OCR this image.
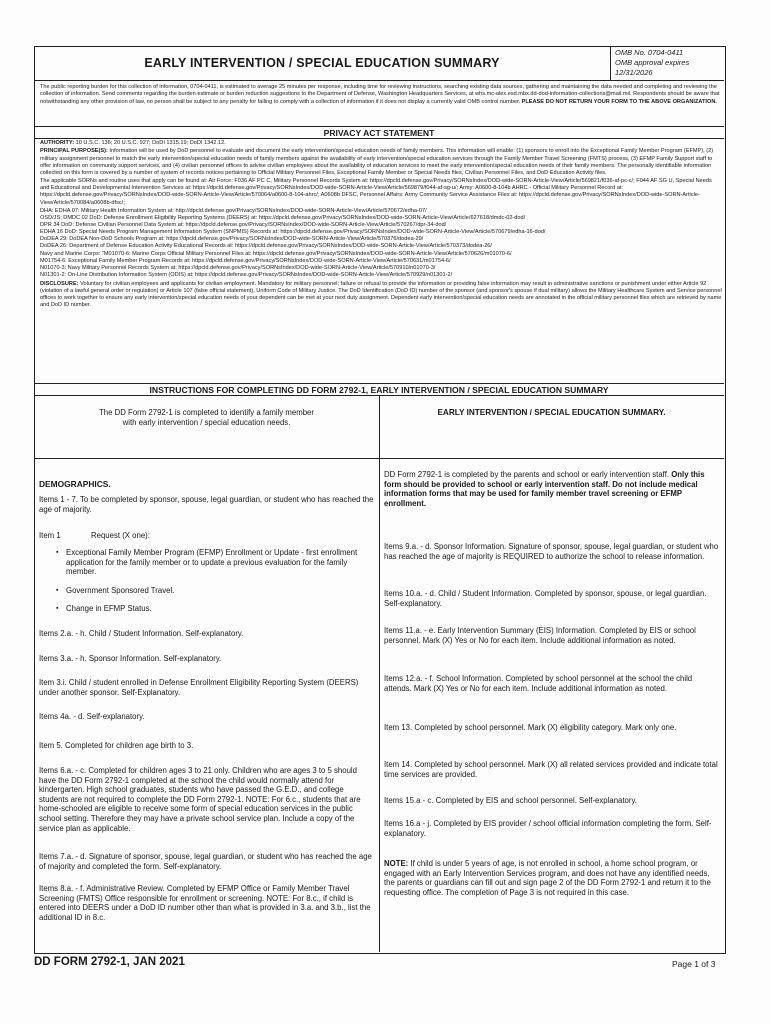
EARLY INTERVENTION / SPECIAL EDUCATION SUMMARY
OMB No. 0704-0411
OMB approval expires
12/31/2026
The public reporting burden for this collection of information, 0704-0411, is estimated to average 25 minutes per response, including time for reviewing instructions, searching existing data sources, gathering and maintaining the data needed and completing and reviewing the collection of information. Send comments regarding the burden estimate or burden reduction suggestions to the Department of Defense, Washington Headquarters Services, at whs.mc-alex.esd.mbx.dd-dod-information-collections@mail.mil. Respondents should be aware that notwithstanding any other provision of law, no person shall be subject to any penalty for failing to comply with a collection of information if it does not display a currently valid OMB control number. PLEASE DO NOT RETURN YOUR FORM TO THE ABOVE ORGANIZATION.
PRIVACY ACT STATEMENT

AUTHORITY: 10 U.S.C. 136; 20 U.S.C. 927; DoDI 1315.19; DoDI 1342.12.

PRINCIPAL PURPOSE(S): Information will be used by DoD personnel to evaluate and document the early intervention/special education needs of family members. This information will enable: (1) sponsors to enroll into the Exceptional Family Member Program (EFMP), (2) military assignment personnel to match the early intervention/special education needs of family members against the availability of early intervention/special education services through the Family Member Travel Screening (FMTS) process, (3) EFMP Family Support staff to offer information on community support services, and (4) civilian personnel offices to advise civilian employees about the availability of education services to meet the early intervention/special education needs of their family members. The personally identifiable information collected on this form is covered by a number of system of records notices pertaining to Official Military Personnel Files, Exceptional Family Member or Special Needs files, Civilian Personnel Files, and DoD Education Activity files.

The applicable SORNs and routine uses that apply can be found at: Air Force: F036 AF PC C, Military Personnel Records System at: https://dpcld.defense.gov/Privacy/SORNsIndex/DOD-wide-SORN-Article-View/Article/569821/f036-af-pc-c/; F044 AF SG U, Special Needs and Educational and Developmental Intervention Services at: https://dpcld.defense.gov/Privacy/SORNsIndex/DOD-wide-SORN-Article-View/Article/569879/f044-af-sg-u/; Army: A0600-8-104b AHRC - Official Military Personnel Record at: https://dpcld.defense.gov/Privacy/SORNsIndex/DOD-wide-SORN-Article-View/Article/570064/a0600-8-104-ahrc/; A0608b DFSC, Personnel Affairs: Army Community Service Assistance Files at: https://dpcld.defense.gov/Privacy/SORNsIndex/DOD-wide-SORN-Article-View/Article/570084/a0608b-dfsc/;

DHA: EDHA 07: Military Health Information System at: http://dpcld.defense.gov/Privacy/SORNsIndex/DOD-wide-SORN-Article-View/Article/570672/edha-07/

OSD/JS: DMDC 02 DoD: Defense Enrollment Eligibility Reporting Systems (DEERS) at: https://dpcld.defense.gov/Privacy/SORNsIndex/DOD-wide-SORN-Article-View/Article/627618/dmdc-02-dod/

DPR 34 DoD: Defense Civilian Personnel Data System at: https://dpcld.defense.gov/Privacy/SORNsIndex/DOD-wide-SORN-Article-View/Article/570267/dpr-34-dod/

EDHA 16 DoD: Special Needs Program Management Information System (SNPMIS) Records at: https://dpcld.defense.gov/Privacy/SORNsIndex/DOD-wide-SORN-Article-View/Article/570679/edha-16-dod/

DoDEA 29: DoDEA Non-DoD Schools Program at: https://dpcld.defense.gov/Privacy/SORNsIndex/DOD-wide-SORN-Article-View/Article/570376/dodea-29/

DoDEA 26: Department of Defense Education Activity Educational Records at: https://dpcld.defense.gov/Privacy/SORNsIndex/DOD-wide-SORN-Article-View/Article/570373/dodea-26/

Navy and Marine Corps: "M01070-6: Marine Corps Official Military Personnel Files at: https://dpcld.defense.gov/Privacy/SORNsIndex/DOD-wide-SORN-Article-View/Article/570626/m01070-6/

M01754-6: Exceptional Family Member Program Records at: https://dpcld.defense.gov/Privacy/SORNsIndex/DOD-wide-SORN-Article-View/Article/570631/m01754-6/

N01070-3: Navy Military Personnel Records System at: https://dpcld.defense.gov/Privacy/SORNsIndex/DOD-wide-SORN-Article-View/Article/570910/n01070-3/

N01301-2: On-Line Distribution Information System (ODIS) at: https://dpcld.defense.gov/Privacy/SORNsIndex/DOD-wide-SORN-Article-View/Article/570929/n01301-2/

DISCLOSURE: Voluntary for civilian employees and applicants for civilian employment. Mandatory for military personnel; failure or refusal to provide the information or providing false information may result in administrative sanctions or punishment under either Article 92 (violation of a lawful general order or regulation) or Article 107 (false official statement), Uniform Code of Military Justice. The DoD Identification (DoD ID) number of the sponsor (and sponsor's spouse if dual military) allows the Military Healthcare System and Service personnel offices to work together to ensure any early intervention/special education needs of your dependent can be met at your next duty assignment. Dependent early intervention/special education needs are annotated in the official military personnel files which are retrieved by name and DoD ID number.

INSTRUCTIONS FOR COMPLETING DD FORM 2792-1, EARLY INTERVENTION / SPECIAL EDUCATION SUMMARY
The DD Form 2792-1 is completed to identify a family member with early intervention / special education needs.
DEMOGRAPHICS.
Items 1 - 7. To be completed by sponsor, spouse, legal guardian, or student who has reached the age of majority.
Item 1	Request (X one):
▪ Exceptional Family Member Program (EFMP) Enrollment or Update - first enrollment application for the family member or to update a previous evaluation for the family member.
▪ Government Sponsored Travel.
▪ Change in EFMP Status.
Items 2.a. - h. Child / Student Information. Self-explanatory.
Items 3.a. - h. Sponsor Information. Self-explanatory.
Item 3.i. Child / student enrolled in Defense Enrollment Eligibility Reporting System (DEERS) under another sponsor. Self-Explanatory.
Items 4a. - d. Self-explanatory.
Item 5. Completed for children age birth to 3.
Items 6.a. - c. Completed for children ages 3 to 21 only. Children who are ages 3 to 5 should have the DD Form 2792-1 completed at the school the child would normally attend for kindergarten. High school graduates, students who have passed the G.E.D., and college students are not required to complete the DD Form 2792-1. NOTE: For 6.c., students that are home-schooled are eligible to receive some form of special education services in the public school setting. Therefore they may have a private school service plan. Include a copy of the service plan as applicable.
Items 7.a. - d. Signature of sponsor, spouse, legal guardian, or student who has reached the age of majority and completed the form. Self-explanatory.
Items 8.a. - f. Administrative Review. Completed by EFMP Office or Family Member Travel Screening (FMTS) Office responsible for enrollment or screening. NOTE: For 8.c., if child is entered into DEERS under a DoD ID number other than what is provided in 3.a. and 3.b., list the additional ID in 8.c.
EARLY INTERVENTION / SPECIAL EDUCATION SUMMARY.
DD Form 2792-1 is completed by the parents and school or early intervention staff. Only this form should be provided to school or early intervention staff. Do not include medical information forms that may be used for family member travel screening or EFMP enrollment.
Items 9.a. - d. Sponsor Information. Signature of sponsor, spouse, legal guardian, or student who has reached the age of majority is REQUIRED to authorize the school to release information.
Items 10.a. - d. Child / Student Information. Completed by sponsor, spouse, or legal guardian. Self-explanatory.
Items 11.a. - e. Early Intervention Summary (EIS) Information. Completed by EIS or school personnel. Mark (X) Yes or No for each item. Include additional information as noted.
Items 12.a. - f. School Information. Completed by school personnel at the school the child attends. Mark (X) Yes or No for each item. Include additional information as noted.
Item 13. Completed by school personnel. Mark (X) eligibility category. Mark only one.
Item 14. Completed by school personnel. Mark (X) all related services provided and indicate total time services are provided.
Items 15.a - c. Completed by EIS and school personnel. Self-explanatory.
Items 16.a - j. Completed by EIS provider / school official information completing the form. Self-explanatory.
NOTE: If child is under 5 years of age, is not enrolled in school, a home school program, or engaged with an Early Intervention Services program, and does not have any identified needs, the parents or guardians can fill out and sign page 2 of the DD Form 2792-1 and return it to the requesting office. The completion of Page 3 is not required in this case.
DD FORM 2792-1, JAN 2021	Page 1 of 3
